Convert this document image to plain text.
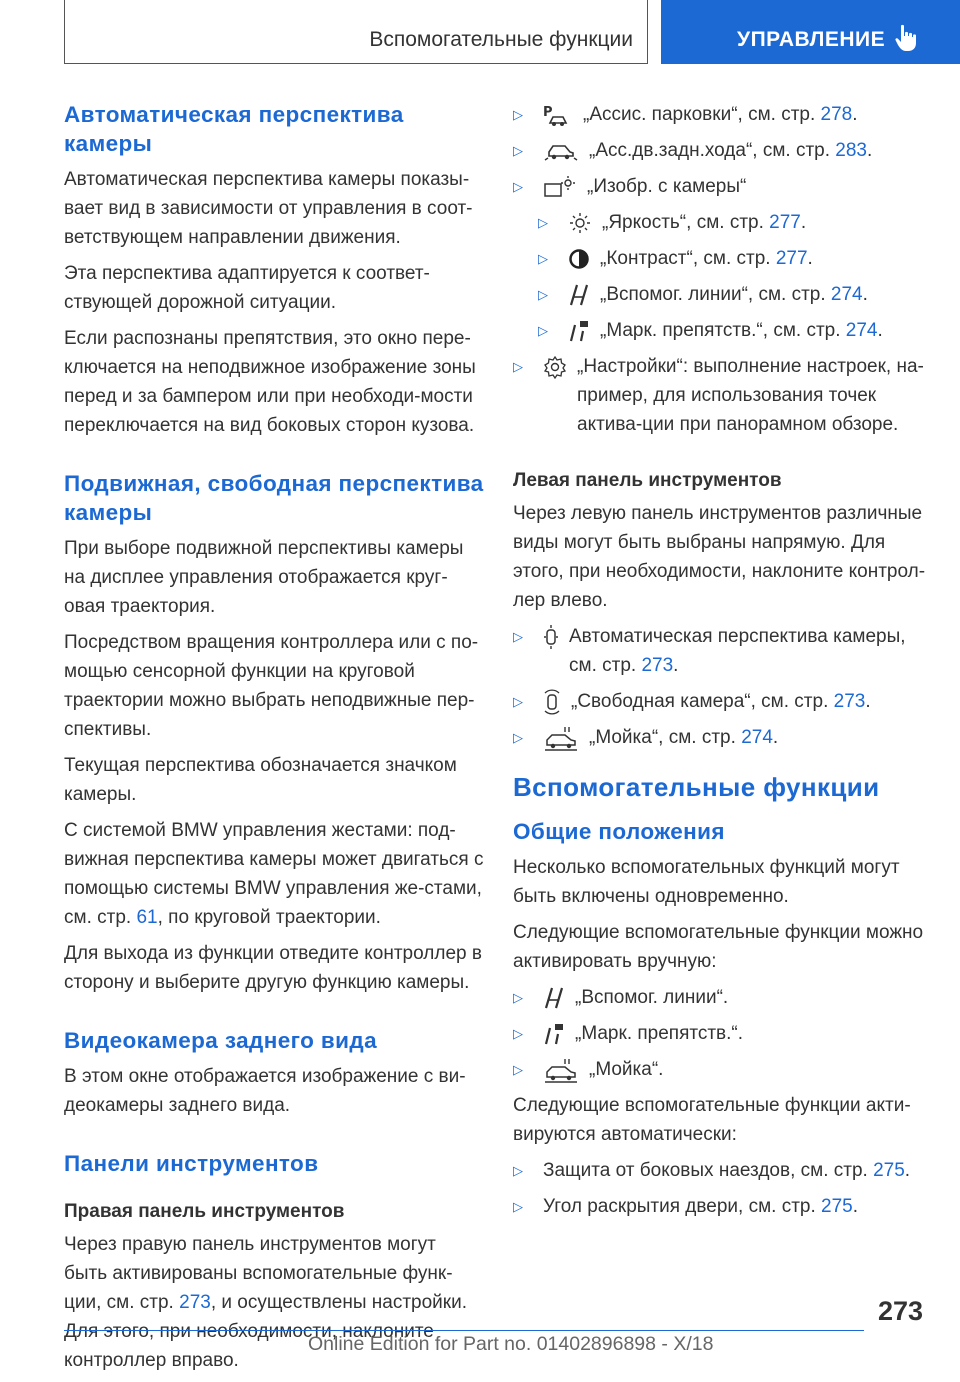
Вспомогательные функции	УПРАВЛЕНИЕ
Автоматическая перспектива камеры

Автоматическая перспектива камеры показы-вает вид в зависимости от управления в соот-ветствующем направлении движения.

Эта перспектива адаптируется к соответ-ствующей дорожной ситуации.

Если распознаны препятствия, это окно пере-ключается на неподвижное изображение зоны перед и за бампером или при необходи-мости переключается на вид боковых сторон кузова.

Подвижная, свободная перспектива камеры

При выборе подвижной перспективы камеры на дисплее управления отображается круг-овая траектория.

Посредством вращения контроллера или с по-мощью сенсорной функции на круговой траектории можно выбрать неподвижные пер-спективы.

Текущая перспектива обозначается значком камеры.

С системой BMW управления жестами: под-вижная перспектива камеры может двигаться с помощью системы BMW управления же-стами, см. стр. 61, по круговой траектории.

Для выхода из функции отведите контроллер в сторону и выберите другую функцию камеры.

Видеокамера заднего вида

В этом окне отображается изображение с ви-деокамеры заднего вида.

Панели инструментов
Правая панель инструментов

Через правую панель инструментов могут быть активированы вспомогательные функ-ции, см. стр. 273, и осуществлены настройки. Для этого, при необходимости, наклоните контроллер вправо.

▷	P „Ассис. парковки“, см. стр. 278.
▷	„Асс.дв.задн.хода“, см. стр. 283.
▷	„Изобр. с камеры“
▷	„Яркость“, см. стр. 277.
▷	„Контраст“, см. стр. 277.
▷	„Вспомог. линии“, см. стр. 274.
▷	„Марк. препятств.“, см. стр. 274.
▷	„Настройки“: выполнение настроек, на-пример, для использования точек актива-ции при панорамном обзоре.
Левая панель инструментов

Через левую панель инструментов различные виды могут быть выбраны напрямую. Для этого, при необходимости, наклоните контрол-лер влево.

▷	Автоматическая перспектива камеры, см. стр. 273.
▷	„Свободная камера“, см. стр. 273.
▷	„Мойка“, см. стр. 274.
Вспомогательные функции
Общие положения

Несколько вспомогательных функций могут быть включены одновременно.

Следующие вспомогательные функции можно активировать вручную:

▷	„Вспомог. линии“.
▷	„Марк. препятств.“.
▷	„Мойка“.

Следующие вспомогательные функции акти-вируются автоматически:

▷	Защита от боковых наездов, см. стр. 275.
▷	Угол раскрытия двери, см. стр. 275.
273
Online Edition for Part no. 01402896898 - X/18
